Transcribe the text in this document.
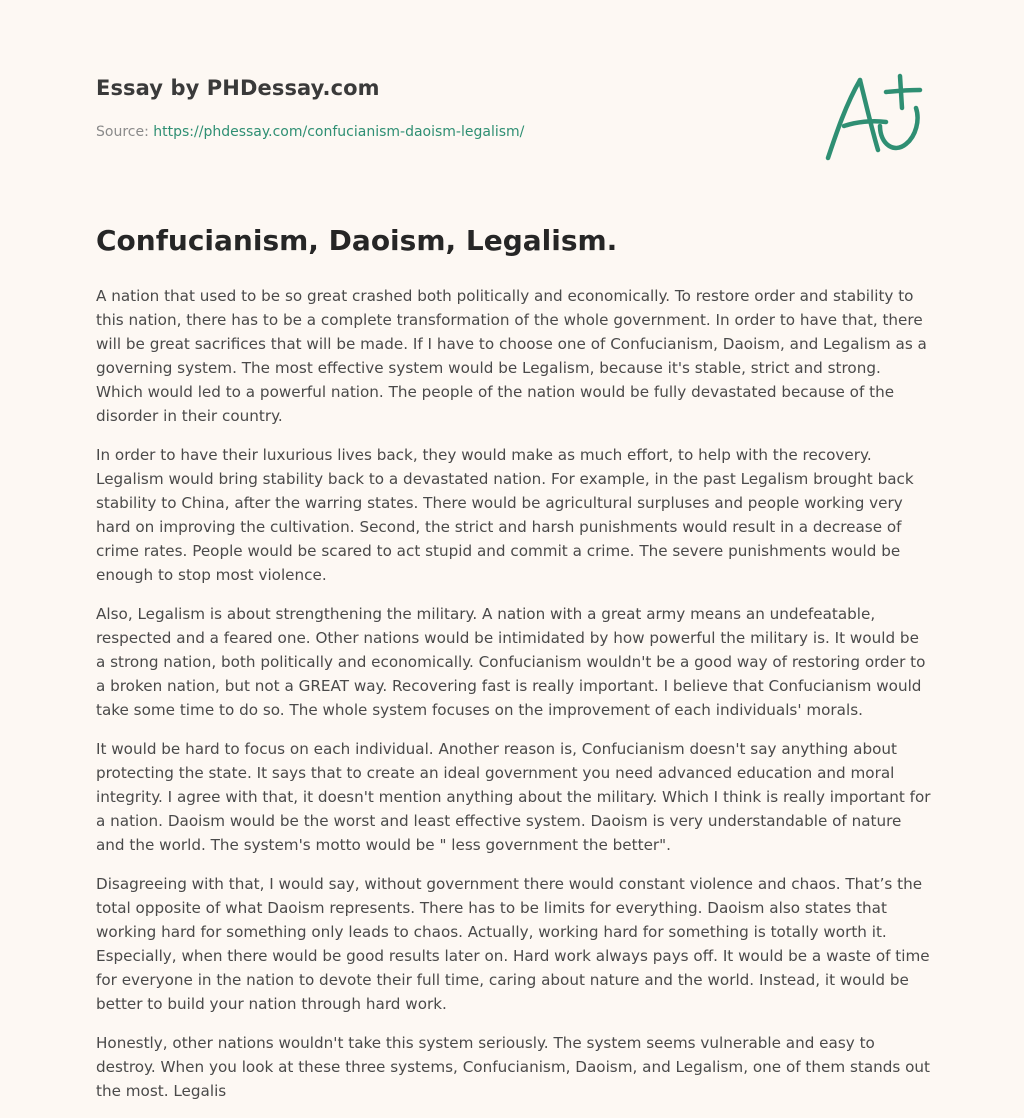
Essay by PHDessay.com

Source: https://phdessay.com/confucianism-daoism-legalism/

Confucianism, Daoism, Legalism.

A nation that used to be so great crashed both politically and economically. To restore order and stability to this nation, there has to be a complete transformation of the whole government. In order to have that, there will be great sacrifices that will be made. If I have to choose one of Confucianism, Daoism, and Legalism as a governing system. The most effective system would be Legalism, because it's stable, strict and strong. Which would led to a powerful nation. The people of the nation would be fully devastated because of the disorder in their country.

In order to have their luxurious lives back, they would make as much effort, to help with the recovery. Legalism would bring stability back to a devastated nation. For example, in the past Legalism brought back stability to China, after the warring states. There would be agricultural surpluses and people working very hard on improving the cultivation. Second, the strict and harsh punishments would result in a decrease of crime rates. People would be scared to act stupid and commit a crime. The severe punishments would be enough to stop most violence.

Also, Legalism is about strengthening the military. A nation with a great army means an undefeatable, respected and a feared one. Other nations would be intimidated by how powerful the military is. It would be a strong nation, both politically and economically. Confucianism wouldn't be a good way of restoring order to a broken nation, but not a GREAT way. Recovering fast is really important. I believe that Confucianism would take some time to do so. The whole system focuses on the improvement of each individuals' morals.

It would be hard to focus on each individual. Another reason is, Confucianism doesn't say anything about protecting the state. It says that to create an ideal government you need advanced education and moral integrity. I agree with that, it doesn't mention anything about the military. Which I think is really important for a nation. Daoism would be the worst and least effective system. Daoism is very understandable of nature and the world. The system's motto would be " less government the better".

Disagreeing with that, I would say, without government there would constant violence and chaos. That’s the total opposite of what Daoism represents. There has to be limits for everything. Daoism also states that working hard for something only leads to chaos. Actually, working hard for something is totally worth it. Especially, when there would be good results later on. Hard work always pays off. It would be a waste of time for everyone in the nation to devote their full time, caring about nature and the world. Instead, it would be better to build your nation through hard work.

Honestly, other nations wouldn't take this system seriously. The system seems vulnerable and easy to destroy. When you look at these three systems, Confucianism, Daoism, and Legalism, one of them stands out the most. Legalis
